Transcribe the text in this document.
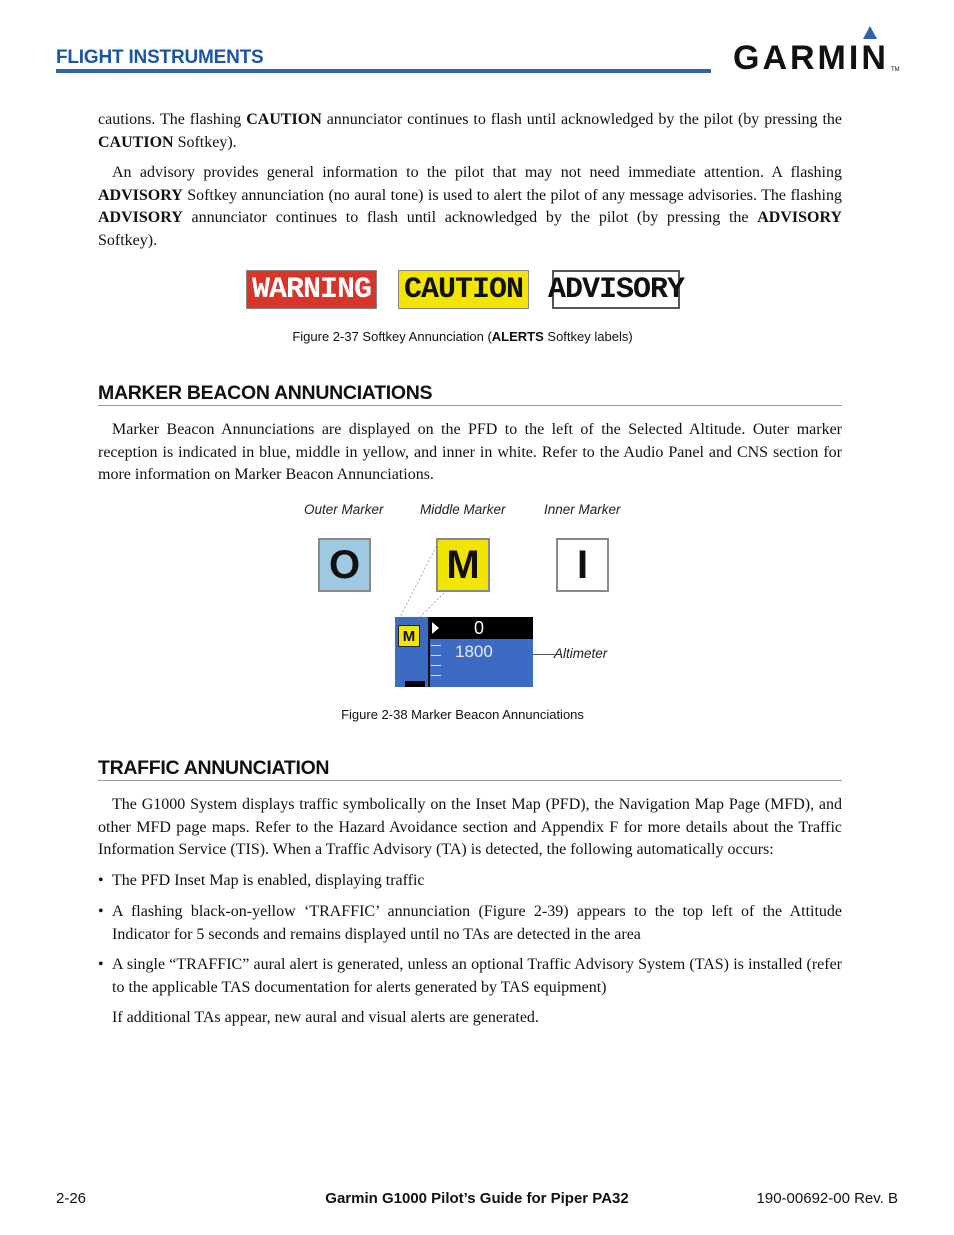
FLIGHT INSTRUMENTS	GARMIN TM

cautions. The flashing CAUTION annunciator continues to flash until acknowledged by the pilot (by pressing the CAUTION Softkey).

An advisory provides general information to the pilot that may not need immediate attention. A flashing ADVISORY Softkey annunciation (no aural tone) is used to alert the pilot of any message advisories. The flashing ADVISORY annunciator continues to flash until acknowledged by the pilot (by pressing the ADVISORY Softkey).

WARNING CAUTION ADVISORY
Figure 2-37 Softkey Annunciation (ALERTS Softkey labels)
MARKER BEACON ANNUNCIATIONS

Marker Beacon Annunciations are displayed on the PFD to the left of the Selected Altitude. Outer marker reception is indicated in blue, middle in yellow, and inner in white. Refer to the Audio Panel and CNS section for more information on Marker Beacon Annunciations.

Outer Marker	Middle Marker	Inner Marker
O M I
M	0
1800	Altimeter
Figure 2-38 Marker Beacon Annunciations
TRAFFIC ANNUNCIATION

The G1000 System displays traffic symbolically on the Inset Map (PFD), the Navigation Map Page (MFD), and other MFD page maps. Refer to the Hazard Avoidance section and Appendix F for more details about the Traffic Information Service (TIS). When a Traffic Advisory (TA) is detected, the following automatically occurs:

• The PFD Inset Map is enabled, displaying traffic

• A flashing black-on-yellow ‘TRAFFIC’ annunciation (Figure 2-39) appears to the top left of the Attitude Indicator for 5 seconds and remains displayed until no TAs are detected in the area

• A single “TRAFFIC” aural alert is generated, unless an optional Traffic Advisory System (TAS) is installed (refer to the applicable TAS documentation for alerts generated by TAS equipment)

If additional TAs appear, new aural and visual alerts are generated.

2-26	Garmin G1000 Pilot’s Guide for Piper PA32	190-00692-00 Rev. B
